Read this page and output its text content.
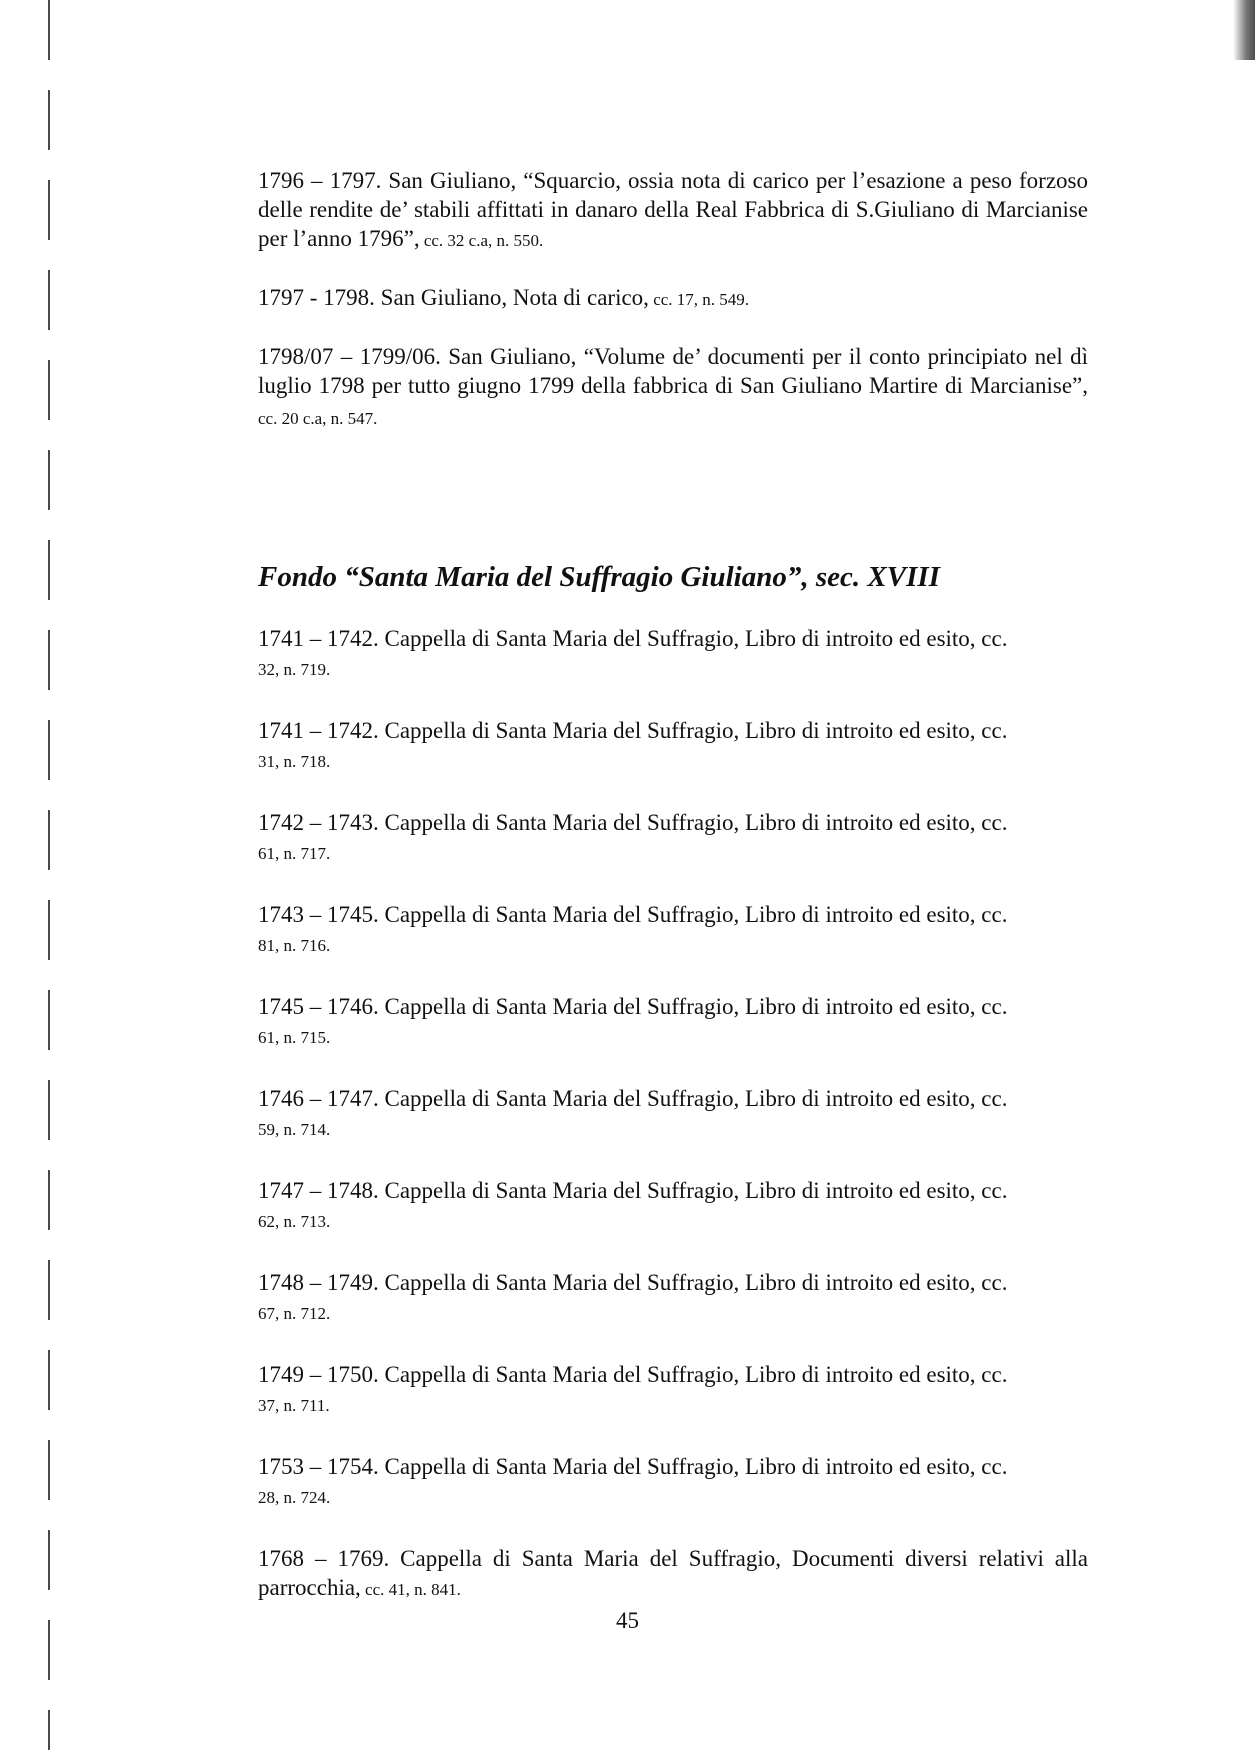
1796 – 1797. San Giuliano, “Squarcio, ossia nota di carico per l’esazione a peso forzoso delle rendite de’ stabili affittati in danaro della Real Fabbrica di S.Giuliano di Marcianise per l’anno 1796”, cc. 32 c.a, n. 550.

1797 - 1798. San Giuliano, Nota di carico, cc. 17, n. 549.

1798/07 – 1799/06. San Giuliano, “Volume de’ documenti per il conto principiato nel dì luglio 1798 per tutto giugno 1799 della fabbrica di San Giuliano Martire di Marcianise”, cc. 20 c.a, n. 547.

Fondo “Santa Maria del Suffragio Giuliano”, sec. XVIII

1741 – 1742. Cappella di Santa Maria del Suffragio, Libro di introito ed esito, cc.
32, n. 719.

1741 – 1742. Cappella di Santa Maria del Suffragio, Libro di introito ed esito, cc.
31, n. 718.

1742 – 1743. Cappella di Santa Maria del Suffragio, Libro di introito ed esito, cc.
61, n. 717.

1743 – 1745. Cappella di Santa Maria del Suffragio, Libro di introito ed esito, cc.
81, n. 716.

1745 – 1746. Cappella di Santa Maria del Suffragio, Libro di introito ed esito, cc.
61, n. 715.

1746 – 1747. Cappella di Santa Maria del Suffragio, Libro di introito ed esito, cc.
59, n. 714.

1747 – 1748. Cappella di Santa Maria del Suffragio, Libro di introito ed esito, cc.
62, n. 713.

1748 – 1749. Cappella di Santa Maria del Suffragio, Libro di introito ed esito, cc.
67, n. 712.

1749 – 1750. Cappella di Santa Maria del Suffragio, Libro di introito ed esito, cc.
37, n. 711.

1753 – 1754. Cappella di Santa Maria del Suffragio, Libro di introito ed esito, cc.
28, n. 724.

1768 – 1769. Cappella di Santa Maria del Suffragio, Documenti diversi relativi alla parrocchia, cc. 41, n. 841.

45
